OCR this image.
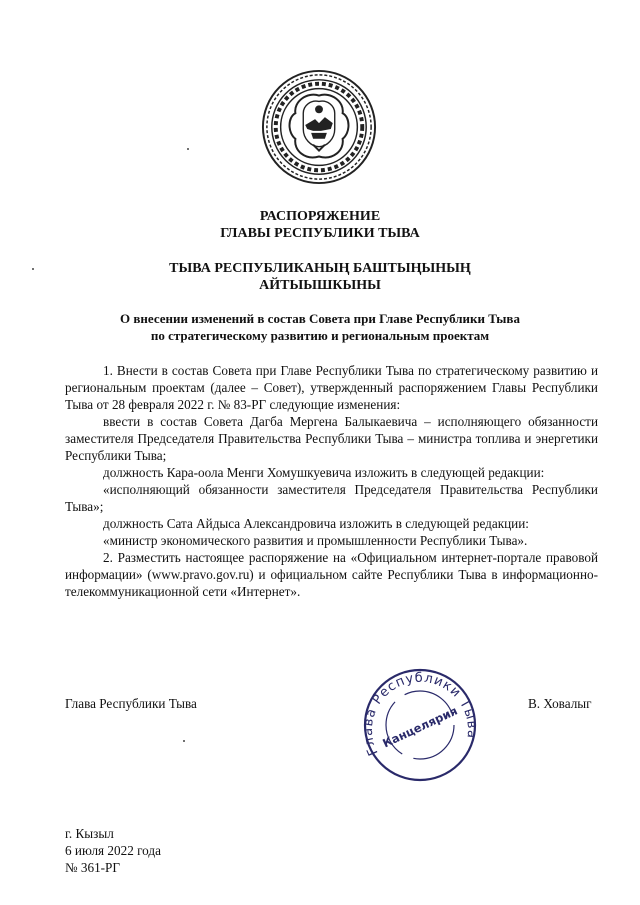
РАСПОРЯЖЕНИЕ
ГЛАВЫ РЕСПУБЛИКИ ТЫВА
ТЫВА РЕСПУБЛИКАНЫҢ БАШТЫҢЫНЫҢ
АЙТЫЫШКЫНЫ
О внесении изменений в состав Совета при Главе Республики Тыва
по стратегическому развитию и региональным проектам

1. Внести в состав Совета при Главе Республики Тыва по стратегическому развитию и региональным проектам (далее – Совет), утвержденный распоряжением Главы Республики Тыва от 28 февраля 2022 г. № 83-РГ следующие изменения:

ввести в состав Совета Дагба Мергена Балыкаевича – исполняющего обязанности заместителя Председателя Правительства Республики Тыва – министра топлива и энергетики Республики Тыва;

должность Кара-оола Менги Хомушкуевича изложить в следующей редакции:

«исполняющий обязанности заместителя Председателя Правительства Республики Тыва»;

должность Сата Айдыса Александровича изложить в следующей редакции:

«министр экономического развития и промышленности Республики Тыва».

2. Разместить настоящее распоряжение на «Официальном интернет-портале правовой информации» (www.pravo.gov.ru) и официальном сайте Республики Тыва в информационно-телекоммуникационной сети «Интернет».

Глава Республики Тыва
Глава Республики Тыва
Канцелярия
В. Ховалыг
г. Кызыл
6 июля 2022 года
№ 361-РГ
